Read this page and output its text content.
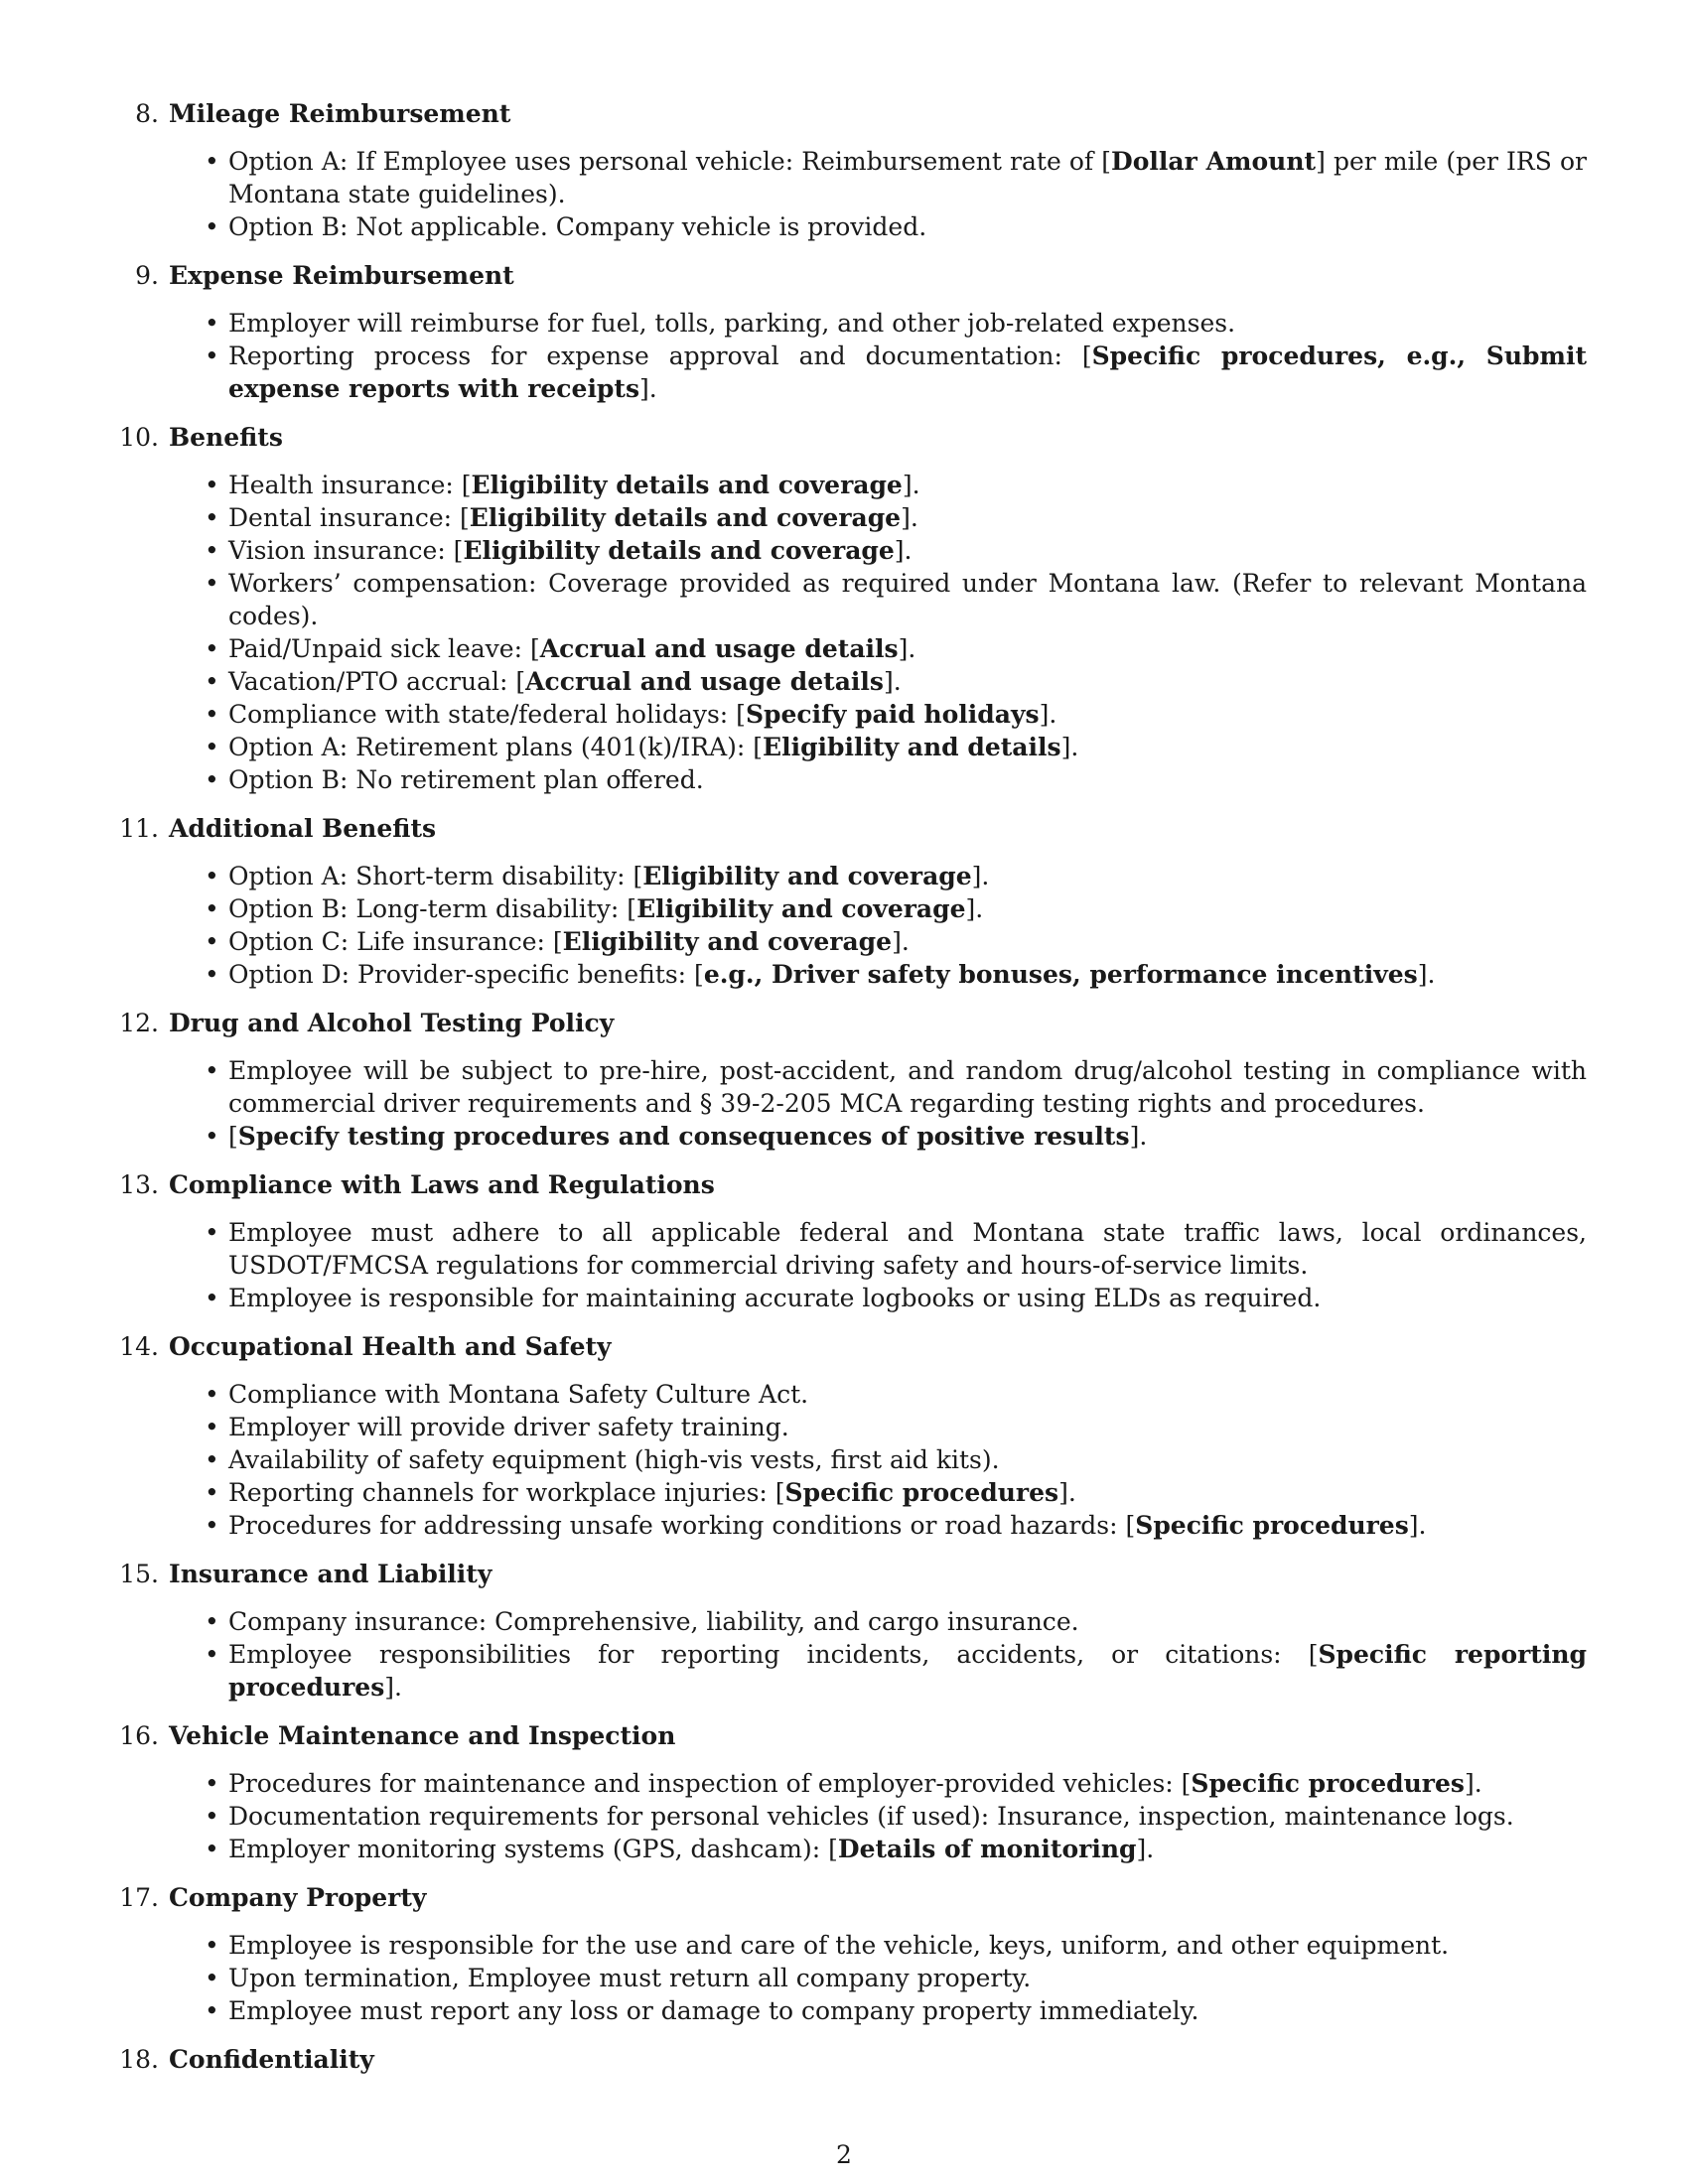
8. Mileage Reimbursement
• Option A: If Employee uses personal vehicle: Reimbursement rate of [Dollar Amount] per mile (per IRS or Montana state guidelines).
• Option B: Not applicable. Company vehicle is provided.
9. Expense Reimbursement
• Employer will reimburse for fuel, tolls, parking, and other job-related expenses.
• Reporting process for expense approval and documentation: [Specific procedures, e.g., Submit expense reports with receipts].
10. Benefits
• Health insurance: [Eligibility details and coverage].
• Dental insurance: [Eligibility details and coverage].
• Vision insurance: [Eligibility details and coverage].
• Workers’ compensation: Coverage provided as required under Montana law. (Refer to relevant Montana codes).
• Paid/Unpaid sick leave: [Accrual and usage details].
• Vacation/PTO accrual: [Accrual and usage details].
• Compliance with state/federal holidays: [Specify paid holidays].
• Option A: Retirement plans (401(k)/IRA): [Eligibility and details].
• Option B: No retirement plan offered.
11. Additional Benefits
• Option A: Short-term disability: [Eligibility and coverage].
• Option B: Long-term disability: [Eligibility and coverage].
• Option C: Life insurance: [Eligibility and coverage].
• Option D: Provider-specific benefits: [e.g., Driver safety bonuses, performance incentives].
12. Drug and Alcohol Testing Policy
• Employee will be subject to pre-hire, post-accident, and random drug/alcohol testing in compliance with commercial driver requirements and § 39-2-205 MCA regarding testing rights and procedures.
• [Specify testing procedures and consequences of positive results].
13. Compliance with Laws and Regulations
• Employee must adhere to all applicable federal and Montana state traffic laws, local ordinances, USDOT/FMCSA regulations for commercial driving safety and hours-of-service limits.
• Employee is responsible for maintaining accurate logbooks or using ELDs as required.
14. Occupational Health and Safety
• Compliance with Montana Safety Culture Act.
• Employer will provide driver safety training.
• Availability of safety equipment (high-vis vests, first aid kits).
• Reporting channels for workplace injuries: [Specific procedures].
• Procedures for addressing unsafe working conditions or road hazards: [Specific procedures].
15. Insurance and Liability
• Company insurance: Comprehensive, liability, and cargo insurance.
• Employee responsibilities for reporting incidents, accidents, or citations: [Specific reporting procedures].
16. Vehicle Maintenance and Inspection
• Procedures for maintenance and inspection of employer-provided vehicles: [Specific procedures].
• Documentation requirements for personal vehicles (if used): Insurance, inspection, maintenance logs.
• Employer monitoring systems (GPS, dashcam): [Details of monitoring].
17. Company Property
• Employee is responsible for the use and care of the vehicle, keys, uniform, and other equipment.
• Upon termination, Employee must return all company property.
• Employee must report any loss or damage to company property immediately.
18. Confidentiality
2
